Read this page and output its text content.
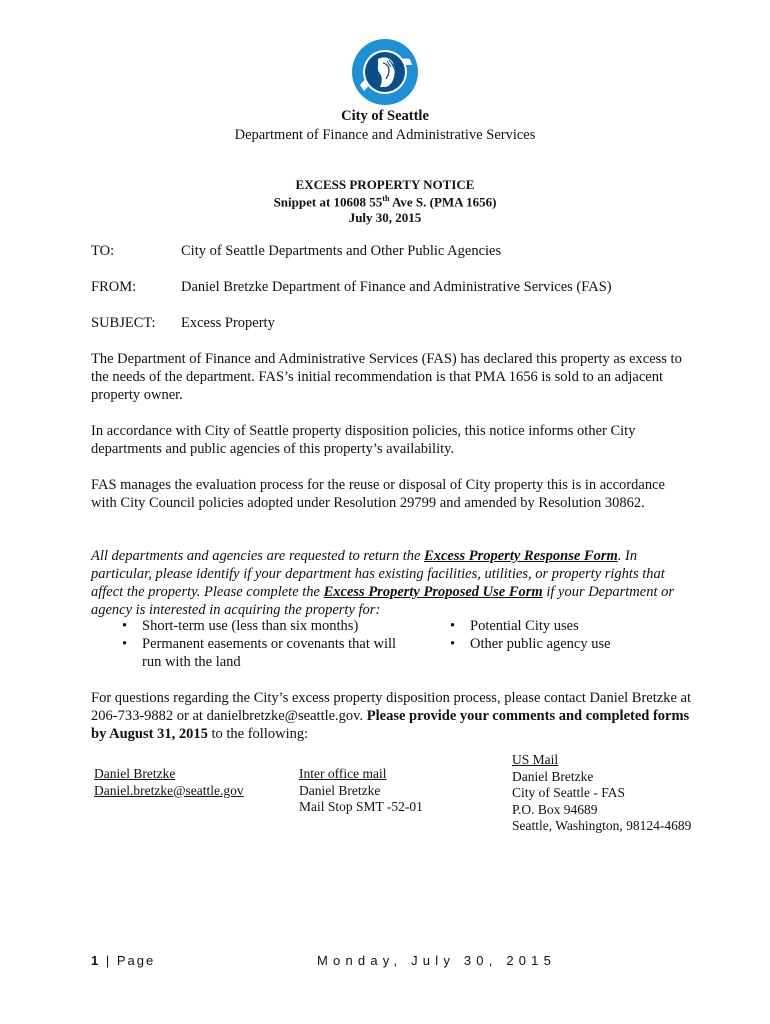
City of Seattle
Department of Finance and Administrative Services
EXCESS PROPERTY NOTICE
Snippet at 10608 55th Ave S. (PMA 1656)
July 30, 2015
TO:	City of Seattle Departments and Other Public Agencies
FROM:	Daniel Bretzke Department of Finance and Administrative Services (FAS)
SUBJECT: Excess Property
The Department of Finance and Administrative Services (FAS) has declared this property as excess to the needs of the department. FAS’s initial recommendation is that PMA 1656 is sold to an adjacent property owner.
In accordance with City of Seattle property disposition policies, this notice informs other City departments and public agencies of this property’s availability.
FAS manages the evaluation process for the reuse or disposal of City property this is in accordance with City Council policies adopted under Resolution 29799 and amended by Resolution 30862.
All departments and agencies are requested to return the Excess Property Response Form. In particular, please identify if your department has existing facilities, utilities, or property rights that affect the property. Please complete the Excess Property Proposed Use Form if your Department or agency is interested in acquiring the property for:
• Short-term use (less than six months)
• Permanent easements or covenants that will run with the land
• Potential City uses
• Other public agency use
For questions regarding the City’s excess property disposition process, please contact Daniel Bretzke at 206-733-9882 or at danielbretzke@seattle.gov. Please provide your comments and completed forms by August 31, 2015 to the following:
Daniel Bretzke
Daniel.bretzke@seattle.gov
Inter office mail
Daniel Bretzke
Mail Stop SMT -52-01
US Mail
Daniel Bretzke
City of Seattle - FAS
P.O. Box 94689
Seattle, Washington, 98124-4689
1 | Page	Monday, July 30, 2015
